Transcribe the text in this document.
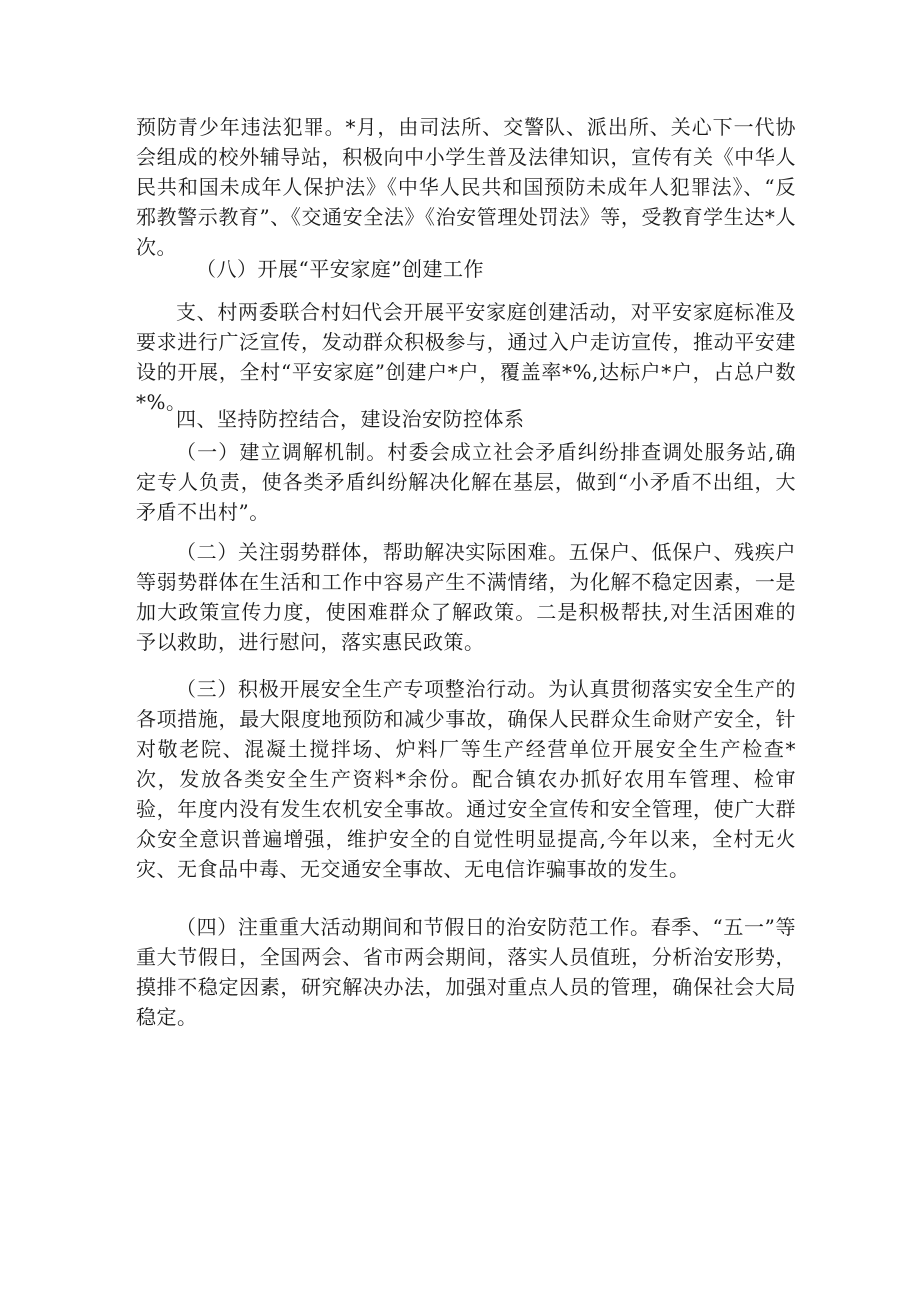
预防青少年违法犯罪。*月，由司法所、交警队、派出所、关心下一代协会组成的校外辅导站，积极向中小学生普及法律知识，宣传有关《中华人民共和国未成年人保护法》《中华人民共和国预防未成年人犯罪法》、“反邪教警示教育”、《交通安全法》《治安管理处罚法》等，受教育学生达*人次。

（八）开展“平安家庭”创建工作

支、村两委联合村妇代会开展平安家庭创建活动，对平安家庭标准及要求进行广泛宣传，发动群众积极参与，通过入户走访宣传，推动平安建设的开展，全村“平安家庭”创建户*户，覆盖率*%,达标户*户，占总户数*%。

四、坚持防控结合，建设治安防控体系

（一）建立调解机制。村委会成立社会矛盾纠纷排查调处服务站,确定专人负责，使各类矛盾纠纷解决化解在基层，做到“小矛盾不出组，大矛盾不出村”。

（二）关注弱势群体，帮助解决实际困难。五保户、低保户、残疾户等弱势群体在生活和工作中容易产生不满情绪，为化解不稳定因素，一是加大政策宣传力度，使困难群众了解政策。二是积极帮扶,对生活困难的予以救助，进行慰问，落实惠民政策。

（三）积极开展安全生产专项整治行动。为认真贯彻落实安全生产的各项措施，最大限度地预防和减少事故，确保人民群众生命财产安全，针对敬老院、混凝土搅拌场、炉料厂等生产经营单位开展安全生产检查*次，发放各类安全生产资料*余份。配合镇农办抓好农用车管理、检审验，年度内没有发生农机安全事故。通过安全宣传和安全管理，使广大群众安全意识普遍增强，维护安全的自觉性明显提高,今年以来，全村无火灾、无食品中毒、无交通安全事故、无电信诈骗事故的发生。

（四）注重重大活动期间和节假日的治安防范工作。春季、“五一”等重大节假日，全国两会、省市两会期间，落实人员值班，分析治安形势，摸排不稳定因素，研究解决办法，加强对重点人员的管理，确保社会大局稳定。
